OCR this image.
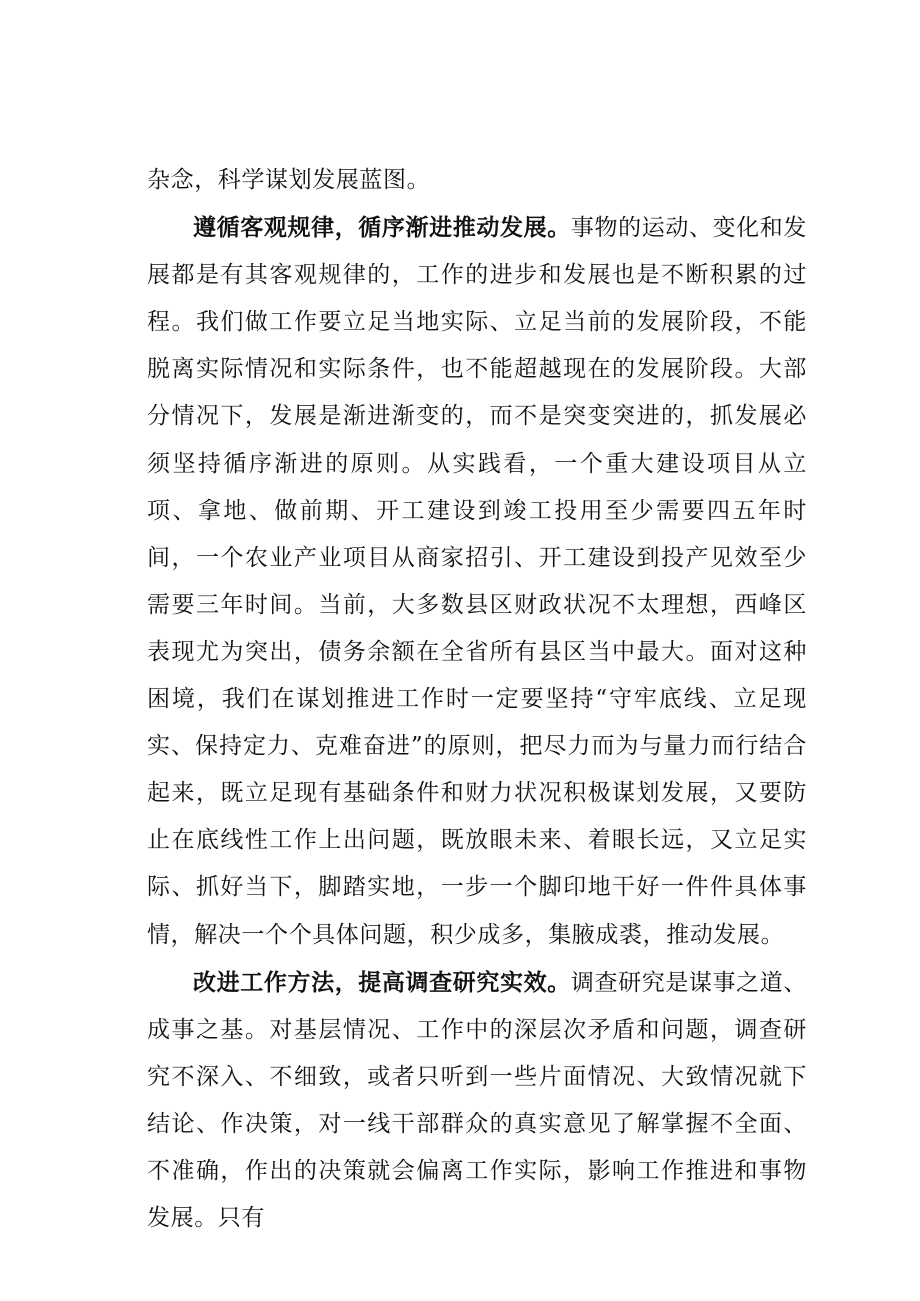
杂念，科学谋划发展蓝图。

遵循客观规律，循序渐进推动发展。事物的运动、变化和发展都是有其客观规律的，工作的进步和发展也是不断积累的过程。我们做工作要立足当地实际、立足当前的发展阶段，不能脱离实际情况和实际条件，也不能超越现在的发展阶段。大部分情况下，发展是渐进渐变的，而不是突变突进的，抓发展必须坚持循序渐进的原则。从实践看，一个重大建设项目从立项、拿地、做前期、开工建设到竣工投用至少需要四五年时间，一个农业产业项目从商家招引、开工建设到投产见效至少需要三年时间。当前，大多数县区财政状况不太理想，西峰区表现尤为突出，债务余额在全省所有县区当中最大。面对这种困境，我们在谋划推进工作时一定要坚持“守牢底线、立足现实、保持定力、克难奋进”的原则，把尽力而为与量力而行结合起来，既立足现有基础条件和财力状况积极谋划发展，又要防止在底线性工作上出问题，既放眼未来、着眼长远，又立足实际、抓好当下，脚踏实地，一步一个脚印地干好一件件具体事情，解决一个个具体问题，积少成多，集腋成裘，推动发展。

改进工作方法，提高调查研究实效。调查研究是谋事之道、成事之基。对基层情况、工作中的深层次矛盾和问题，调查研究不深入、不细致，或者只听到一些片面情况、大致情况就下结论、作决策，对一线干部群众的真实意见了解掌握不全面、不准确，作出的决策就会偏离工作实际，影响工作推进和事物发展。只有
